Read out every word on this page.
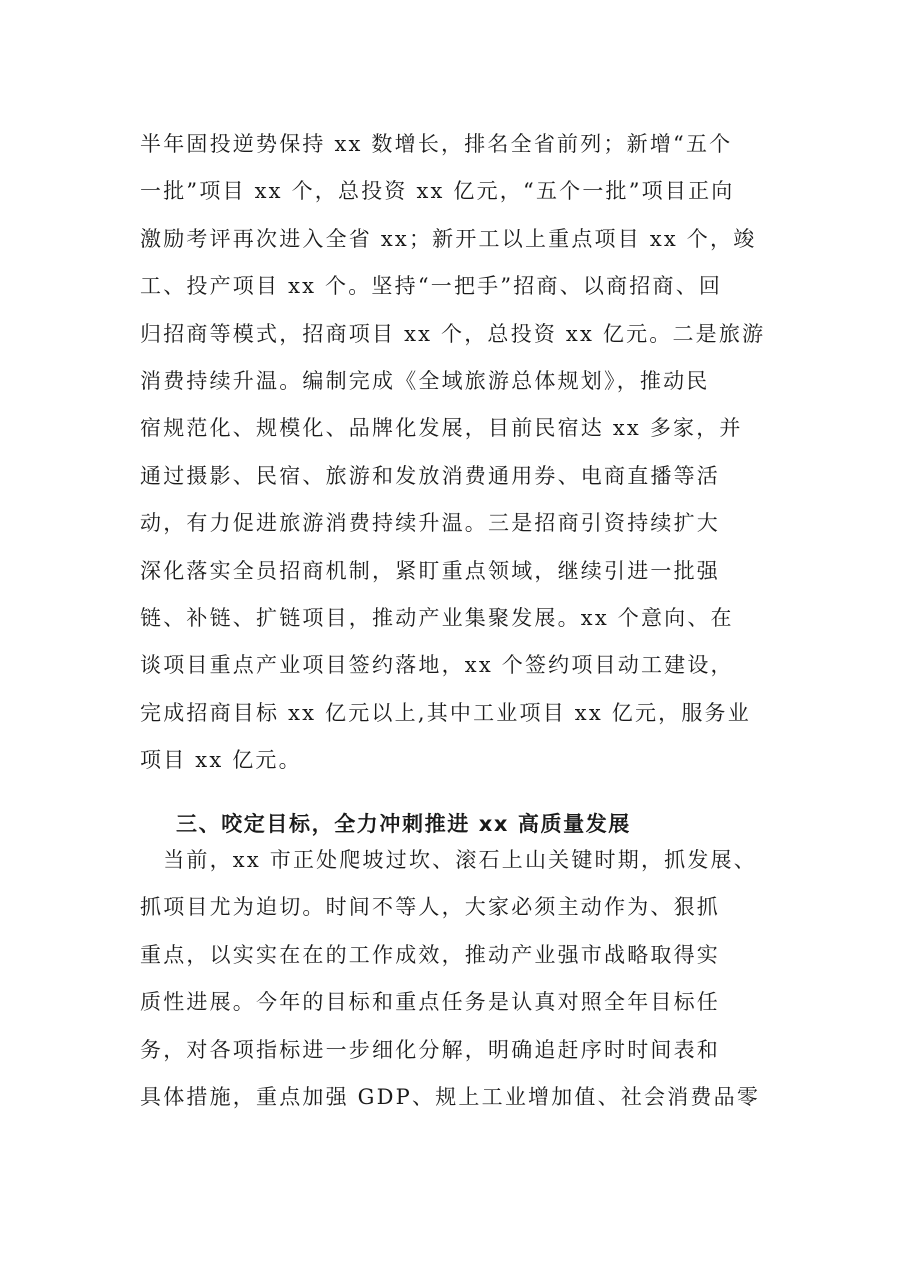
半年固投逆势保持 xx 数增长，排名全省前列；新增“五个
一批”项目 xx 个，总投资 xx 亿元，“五个一批”项目正向
激励考评再次进入全省 xx；新开工以上重点项目 xx 个，竣
工、投产项目 xx 个。坚持“一把手”招商、以商招商、回
归招商等模式，招商项目 xx 个，总投资 xx 亿元。二是旅游
消费持续升温。编制完成《全域旅游总体规划》，推动民
宿规范化、规模化、品牌化发展，目前民宿达 xx 多家，并
通过摄影、民宿、旅游和发放消费通用券、电商直播等活
动，有力促进旅游消费持续升温。三是招商引资持续扩大
深化落实全员招商机制，紧盯重点领域，继续引进一批强
链、补链、扩链项目，推动产业集聚发展。xx 个意向、在
谈项目重点产业项目签约落地，xx 个签约项目动工建设，
完成招商目标 xx 亿元以上,其中工业项目 xx 亿元，服务业
项目 xx 亿元。
三、咬定目标，全力冲刺推进 xx 高质量发展
　当前，xx 市正处爬坡过坎、滚石上山关键时期，抓发展、
抓项目尤为迫切。时间不等人，大家必须主动作为、狠抓
重点，以实实在在的工作成效，推动产业强市战略取得实
质性进展。今年的目标和重点任务是认真对照全年目标任
务，对各项指标进一步细化分解，明确追赶序时时间表和
具体措施，重点加强 GDP、规上工业增加值、社会消费品零
